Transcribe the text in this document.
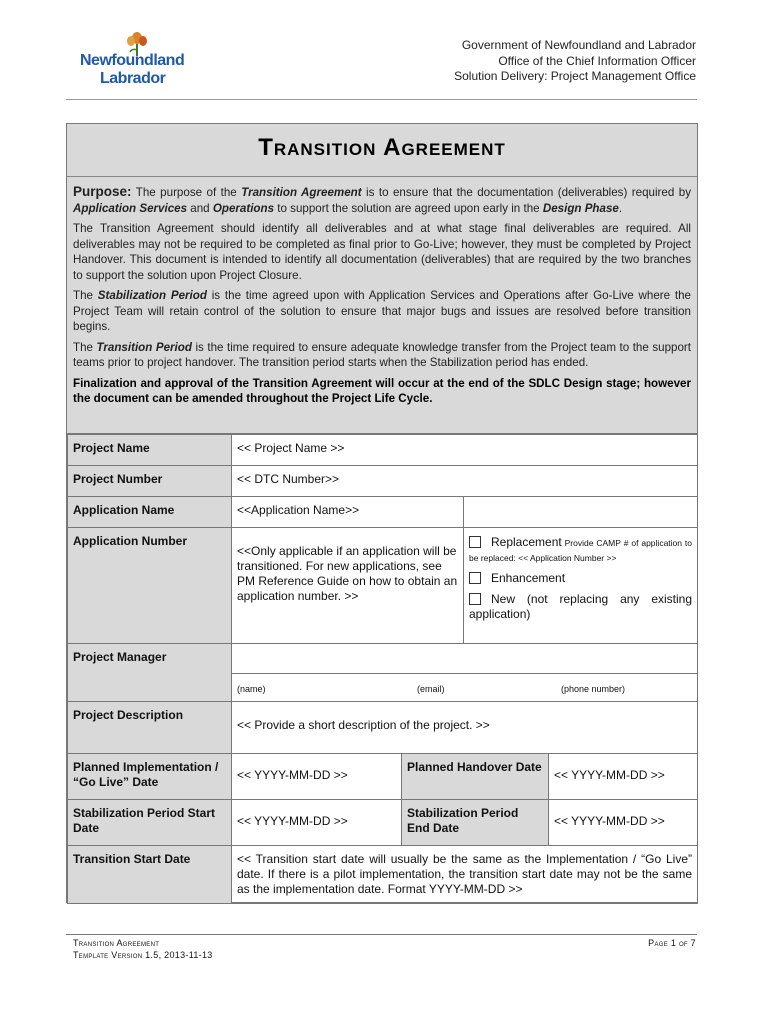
Newfoundland
Labrador
Government of Newfoundland and Labrador
Office of the Chief Information Officer
Solution Delivery: Project Management Office
Transition Agreement

Purpose: The purpose of the Transition Agreement is to ensure that the documentation (deliverables) required by Application Services and Operations to support the solution are agreed upon early in the Design Phase.

The Transition Agreement should identify all deliverables and at what stage final deliverables are required. All deliverables may not be required to be completed as final prior to Go-Live; however, they must be completed by Project Handover. This document is intended to identify all documentation (deliverables) that are required by the two branches to support the solution upon Project Closure.

The Stabilization Period is the time agreed upon with Application Services and Operations after Go-Live where the Project Team will retain control of the solution to ensure that major bugs and issues are resolved before transition begins.

The Transition Period is the time required to ensure adequate knowledge transfer from the Project team to the support teams prior to project handover. The transition period starts when the Stabilization period has ended.

Finalization and approval of the Transition Agreement will occur at the end of the SDLC Design stage; however the document can be amended throughout the Project Life Cycle.

Project Name	<< Project Name >>			
Project Number	<< DTC Number>>			
Application Name	<<Application Name>>			
Application Number	<<Only applicable if an application will be transitioned. For new applications, see PM Reference Guide on how to obtain an application number. >>		Replacement Provide CAMP # of application to be replaced: << Application Number >>
Enhancement
New (not replacing any existing application)	

Project Manager				

	(name) (email) (phone number)			

Project Description	<< Provide a short description of the project. >>			
Planned Implementation / “Go Live” Date	<< YYYY-MM-DD >>	Planned Handover Date		<< YYYY-MM-DD >>
Stabilization Period Start Date	<< YYYY-MM-DD >>	Stabilization Period End Date		<< YYYY-MM-DD >>
Transition Start Date	<< Transition start date will usually be the same as the Implementation / “Go Live” date. If there is a pilot implementation, the transition start date may not be the same as the implementation date. Format YYYY-MM-DD >>			
Transition Agreement
Template Version 1.5, 2013-11-13
Page 1 of 7
